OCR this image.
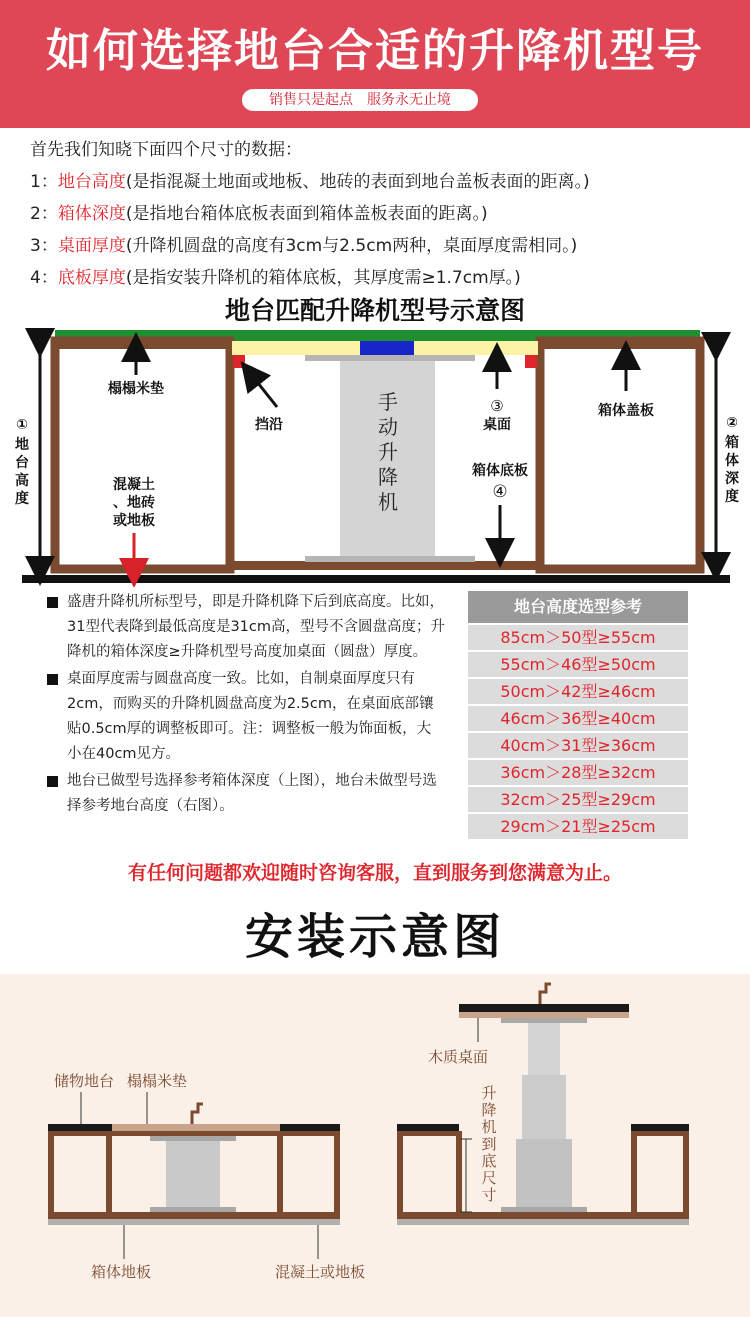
如何选择地台合适的升降机型号
销售只是起点　服务永无止境
首先我们知晓下面四个尺寸的数据：
1：地台高度(是指混凝土地面或地板、地砖的表面到地台盖板表面的距离。)
2：箱体深度(是指地台箱体底板表面到箱体盖板表面的距离。)
3：桌面厚度(升降机圆盘的高度有3cm与2.5cm两种，桌面厚度需相同。)
4：底板厚度(是指安装升降机的箱体底板，其厚度需≥1.7cm厚。)
地台匹配升降机型号示意图
手
动
升
降
机
榻榻米垫
挡沿
③
桌面
箱体盖板
箱体底板
④
混凝土
、地砖
或地板
①
地
台
高
度
②
箱
体
深
度
盛唐升降机所标型号，即是升降机降下后到底高度。比如，31型代表降到最低高度是31cm高，型号不含圆盘高度；升降机的箱体深度≥升降机型号高度加桌面（圆盘）厚度。
桌面厚度需与圆盘高度一致。比如，自制桌面厚度只有2cm，而购买的升降机圆盘高度为2.5cm，在桌面底部镶贴0.5cm厚的调整板即可。注：调整板一般为饰面板，大小在40cm见方。
地台已做型号选择参考箱体深度（上图），地台未做型号选择参考地台高度（右图）。
地台高度选型参考
85cm＞50型≥55cm
55cm＞46型≥50cm
50cm＞42型≥46cm
46cm＞36型≥40cm
40cm＞31型≥36cm
36cm＞28型≥32cm
32cm＞25型≥29cm
29cm＞21型≥25cm
有任何问题都欢迎随时咨询客服，直到服务到您满意为止。
安装示意图
储物地台 榻榻米垫
箱体地板	混凝土或地板
木质桌面
升
降
机
到
底
尺
寸
